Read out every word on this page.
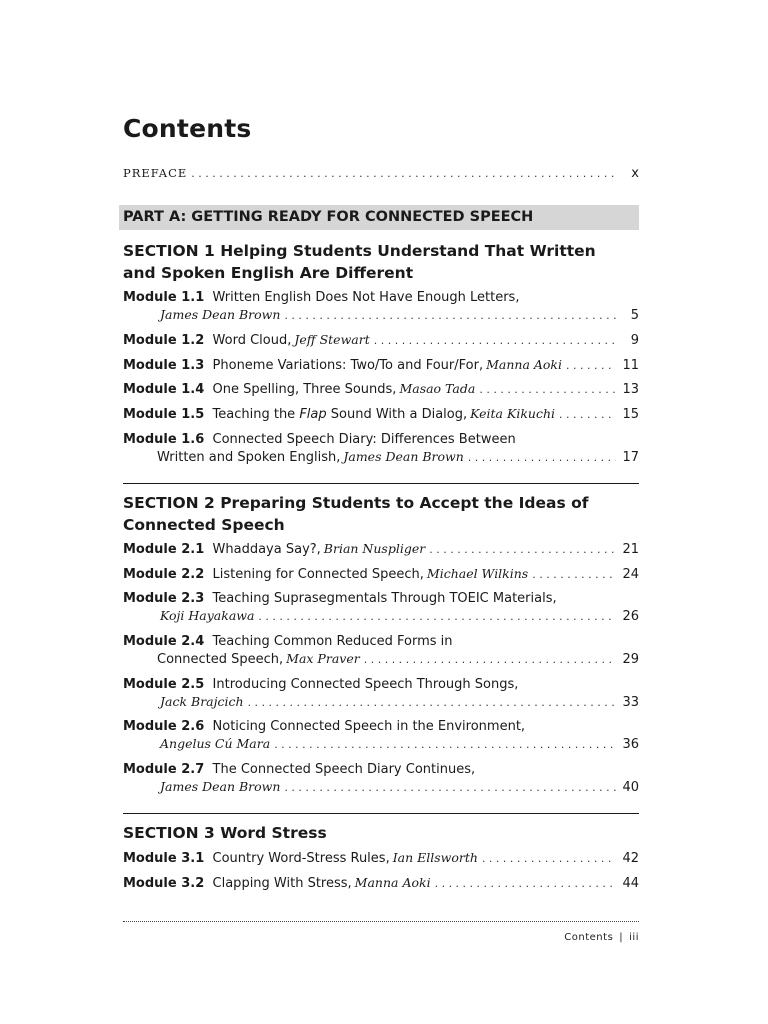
Contents
PREFACE . . .	x
PART A: GETTING READY FOR CONNECTED SPEECH
SECTION 1 Helping Students Understand That Written
and Spoken English Are Different
Module 1.1 Written English Does Not Have Enough Letters,
James Dean Brown . . .	5
Module 1.2 Word Cloud, Jeff Stewart . . .	9
Module 1.3 Phoneme Variations: Two/To and Four/For, Manna Aoki . . .	11
Module 1.4 One Spelling, Three Sounds, Masao Tada . . .	13
Module 1.5 Teaching the Flap Sound With a Dialog, Keita Kikuchi . . .	15
Module 1.6 Connected Speech Diary: Differences Between
Written and Spoken English, James Dean Brown . . .	17
SECTION 2 Preparing Students to Accept the Ideas of
Connected Speech
Module 2.1 Whaddaya Say?, Brian Nuspliger . . .	21
Module 2.2 Listening for Connected Speech, Michael Wilkins . . .	24
Module 2.3  Teaching Suprasegmentals Through TOEIC Materials,
Koji Hayakawa . . .	26
Module 2.4 Teaching Common Reduced Forms in
Connected Speech, Max Praver . . .	29
Module 2.5 Introducing Connected Speech Through Songs,
Jack Brajcich . . .	33
Module 2.6 Noticing Connected Speech in the Environment,
Angelus Cú Mara . . .	36
Module 2.7 The Connected Speech Diary Continues,
James Dean Brown . . .	40
SECTION 3 Word Stress
Module 3.1 Country Word-Stress Rules, Ian Ellsworth . . .	42
Module 3.2 Clapping With Stress, Manna Aoki . . .	44
Contents | iii
